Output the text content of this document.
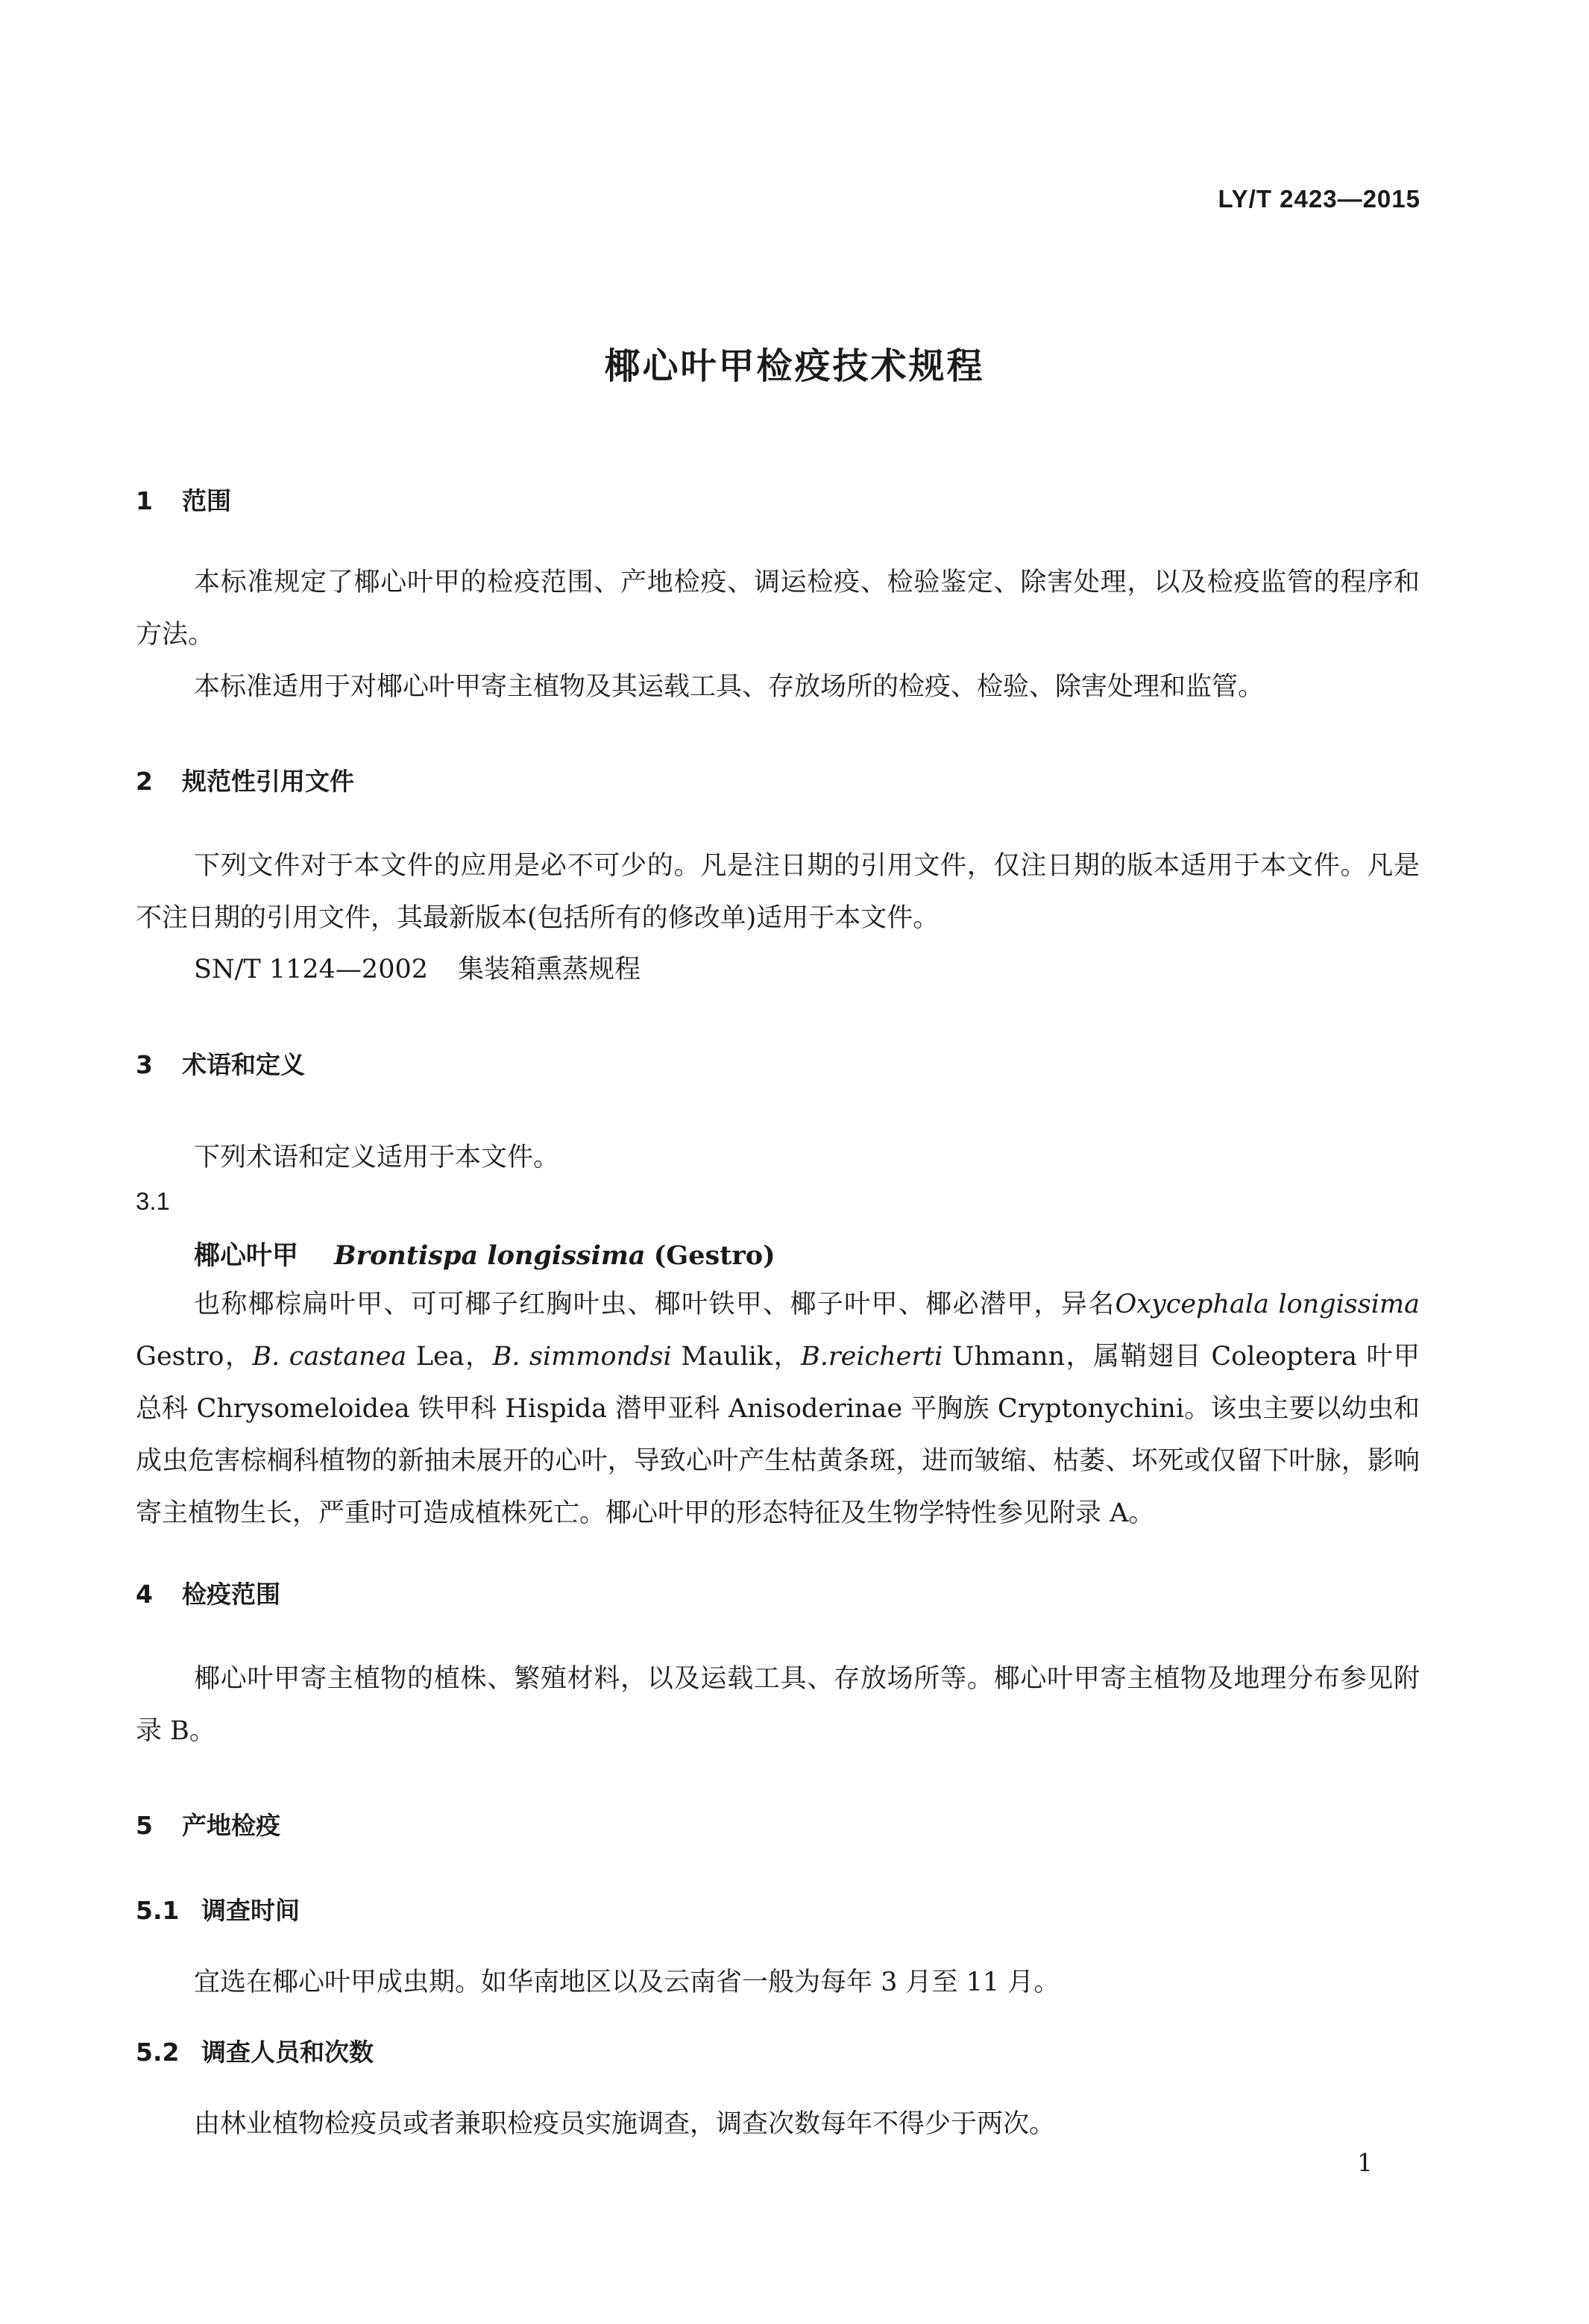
LY/T 2423—2015
椰心叶甲检疫技术规程
1 范围

本标准规定了椰心叶甲的检疫范围、产地检疫、调运检疫、检验鉴定、除害处理，以及检疫监管的程序和方法。

本标准适用于对椰心叶甲寄主植物及其运载工具、存放场所的检疫、检验、除害处理和监管。

2 规范性引用文件

下列文件对于本文件的应用是必不可少的。凡是注日期的引用文件，仅注日期的版本适用于本文件。凡是不注日期的引用文件，其最新版本(包括所有的修改单)适用于本文件。

SN/T 1124—2002 集装箱熏蒸规程
3 术语和定义
下列术语和定义适用于本文件。
3.1
椰心叶甲 Brontispa longissima (Gestro)

也称椰棕扁叶甲、可可椰子红胸叶虫、椰叶铁甲、椰子叶甲、椰必潜甲，异名Oxycephala longissima Gestro，B. castanea Lea，B. simmondsi Maulik，B.reicherti Uhmann，属鞘翅目 Coleoptera 叶甲总科 Chrysomeloidea 铁甲科 Hispida 潜甲亚科 Anisoderinae 平胸族 Cryptonychini。该虫主要以幼虫和成虫危害棕榈科植物的新抽未展开的心叶，导致心叶产生枯黄条斑，进而皱缩、枯萎、坏死或仅留下叶脉，影响寄主植物生长，严重时可造成植株死亡。椰心叶甲的形态特征及生物学特性参见附录 A。

4 检疫范围

椰心叶甲寄主植物的植株、繁殖材料，以及运载工具、存放场所等。椰心叶甲寄主植物及地理分布参见附录 B。

5 产地检疫
5.1 调查时间
宜选在椰心叶甲成虫期。如华南地区以及云南省一般为每年 3 月至 11 月。
5.2 调查人员和次数
由林业植物检疫员或者兼职检疫员实施调查，调查次数每年不得少于两次。
1
